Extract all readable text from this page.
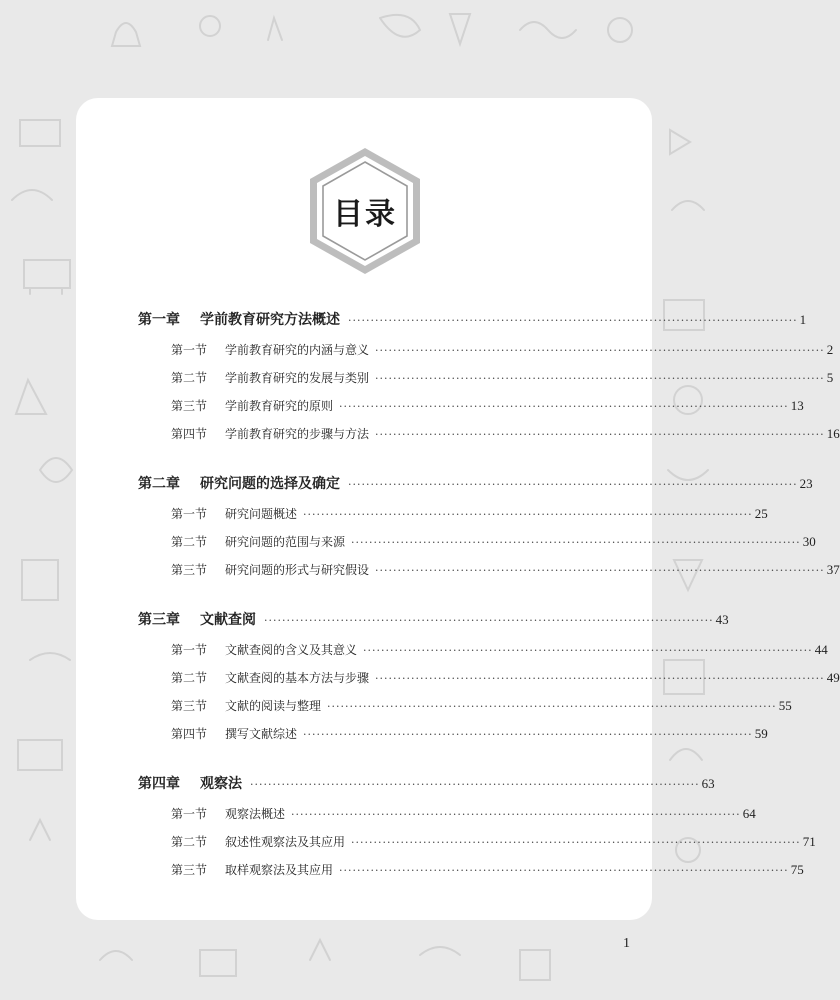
目录
第一章	学前教育研究方法概述 ···································································································· 1
第一节	学前教育研究的内涵与意义 ···································································································· 2
第二节	学前教育研究的发展与类别 ···································································································· 5
第三节	学前教育研究的原则 ···································································································· 13
第四节	学前教育研究的步骤与方法 ···································································································· 16
第二章	研究问题的选择及确定 ···································································································· 23
第一节	研究问题概述 ···································································································· 25
第二节	研究问题的范围与来源 ···································································································· 30
第三节	研究问题的形式与研究假设 ···································································································· 37
第三章	文献查阅 ···································································································· 43
第一节	文献查阅的含义及其意义 ···································································································· 44
第二节	文献查阅的基本方法与步骤 ···································································································· 49
第三节	文献的阅读与整理 ···································································································· 55
第四节	撰写文献综述 ···································································································· 59
第四章	观察法 ···································································································· 63
第一节	观察法概述 ···································································································· 64
第二节	叙述性观察法及其应用 ···································································································· 71
第三节	取样观察法及其应用 ···································································································· 75
1
